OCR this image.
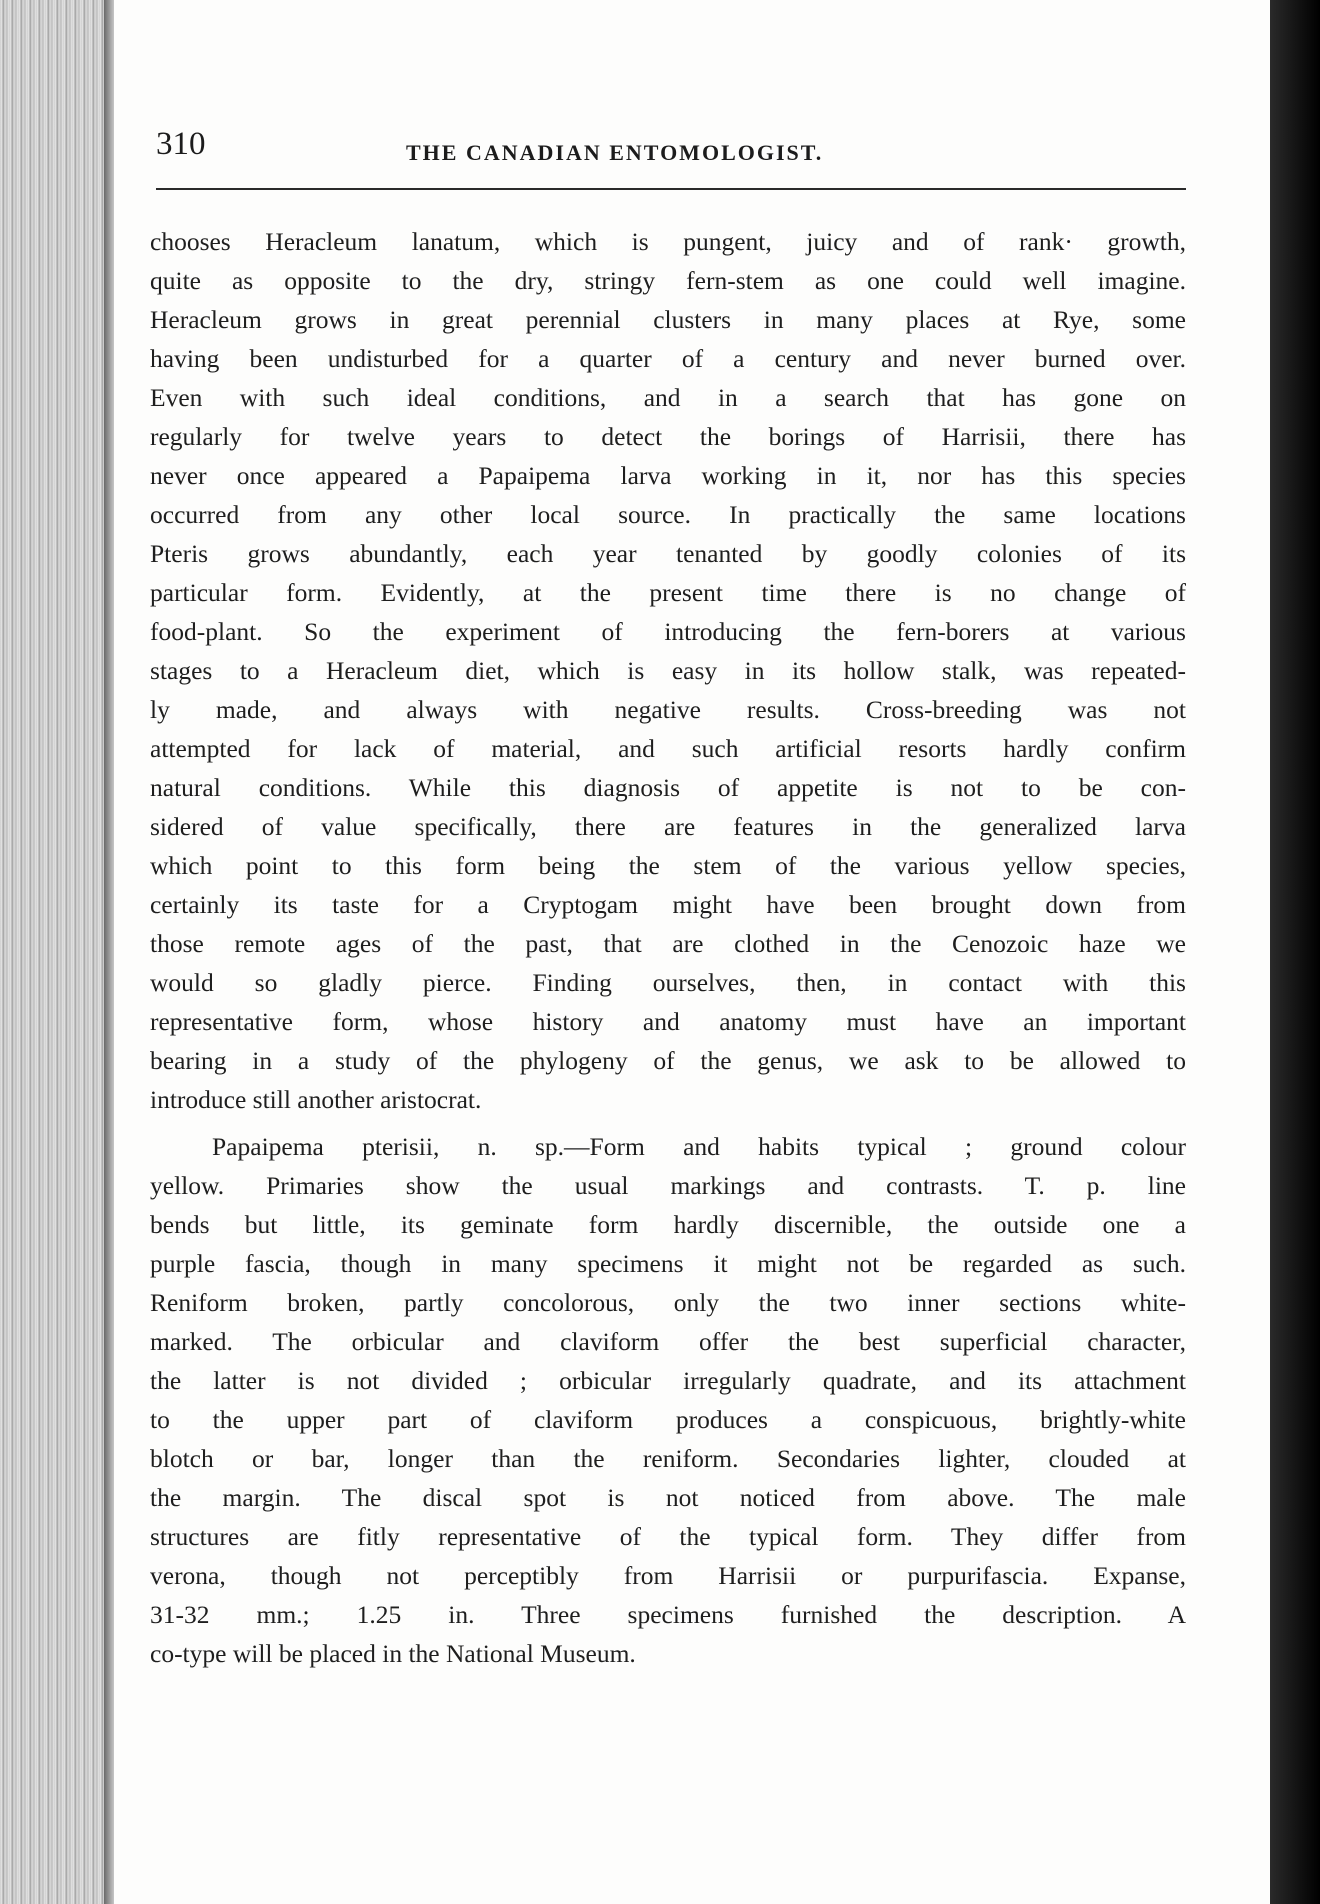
310	THE CANADIAN ENTOMOLOGIST.
chooses Heracleum lanatum, which is pungent, juicy and of rank· growth,
quite as opposite to the dry, stringy fern-stem as one could well imagine.
Heracleum grows in great perennial clusters in many places at Rye, some
having been undisturbed for a quarter of a century and never burned over.
Even with such ideal conditions, and in a search that has gone on
regularly for twelve years to detect the borings of Harrisii, there has
never once appeared a Papaipema larva working in it, nor has this species
occurred from any other local source. In practically the same locations
Pteris grows abundantly, each year tenanted by goodly colonies of its
particular form. Evidently, at the present time there is no change of
food-plant. So the experiment of introducing the fern-borers at various
stages to a Heracleum diet, which is easy in its hollow stalk, was repeated-
ly made, and always with negative results. Cross-breeding was not
attempted for lack of material, and such artificial resorts hardly confirm
natural conditions. While this diagnosis of appetite is not to be con-
sidered of value specifically, there are features in the generalized larva
which point to this form being the stem of the various yellow species,
certainly its taste for a Cryptogam might have been brought down from
those remote ages of the past, that are clothed in the Cenozoic haze we
would so gladly pierce. Finding ourselves, then, in contact with this
representative form, whose history and anatomy must have an important
bearing in a study of the phylogeny of the genus, we ask to be allowed to
introduce still another aristocrat.
Papaipema pterisii, n. sp.—Form and habits typical ; ground colour
yellow. Primaries show the usual markings and contrasts. T. p. line
bends but little, its geminate form hardly discernible, the outside one a
purple fascia, though in many specimens it might not be regarded as such.
Reniform broken, partly concolorous, only the two inner sections white-
marked. The orbicular and claviform offer the best superficial character,
the latter is not divided ; orbicular irregularly quadrate, and its attachment
to the upper part of claviform produces a conspicuous, brightly-white
blotch or bar, longer than the reniform. Secondaries lighter, clouded at
the margin. The discal spot is not noticed from above. The male
structures are fitly representative of the typical form. They differ from
verona, though not perceptibly from Harrisii or purpurifascia. Expanse,
31-32 mm.; 1.25 in. Three specimens furnished the description. A
co-type will be placed in the National Museum.
